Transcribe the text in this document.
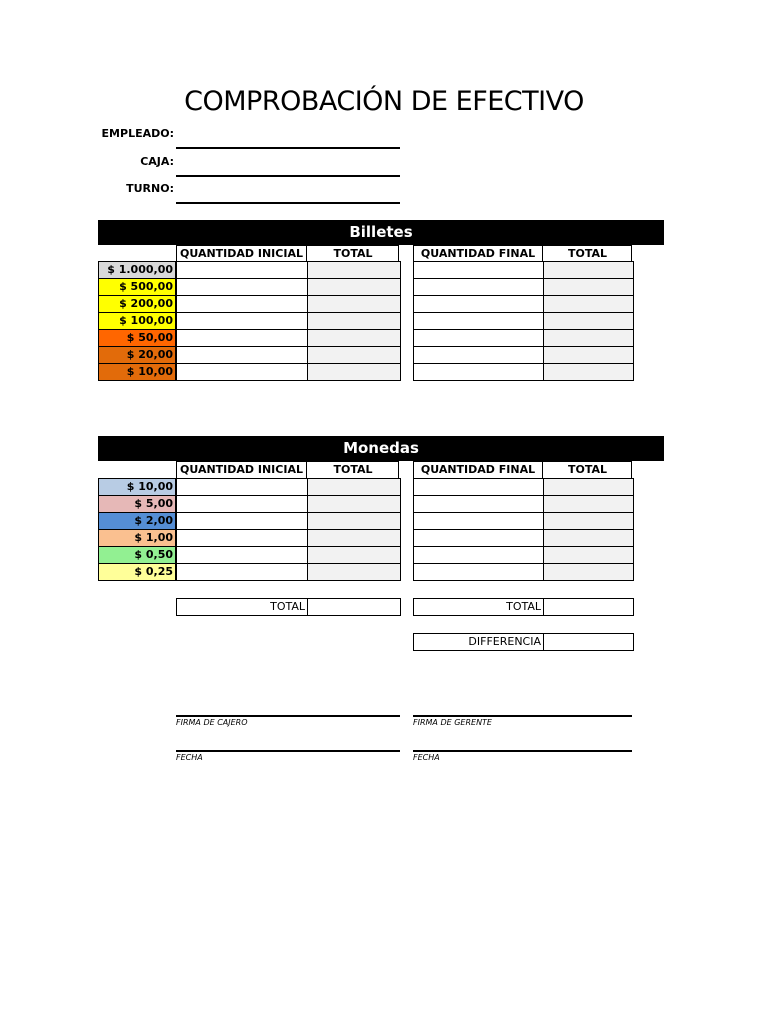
COMPROBACIÓN DE EFECTIVO
EMPLEADO:
CAJA:
TURNO:
Billetes
QUANTIDAD INICIAL	TOTAL	QUANTIDAD FINAL	TOTAL
$ 1.000,00
$ 500,00
$ 200,00
$ 100,00
$ 50,00
$ 20,00
$ 10,00

Monedas
QUANTIDAD INICIAL	TOTAL	QUANTIDAD FINAL	TOTAL
$ 10,00
$ 5,00
$ 2,00
$ 1,00
$ 0,50
$ 0,25

TOTAL	TOTAL
DIFFERENCIA
FIRMA DE CAJERO	FIRMA DE GERENTE
FECHA	FECHA
